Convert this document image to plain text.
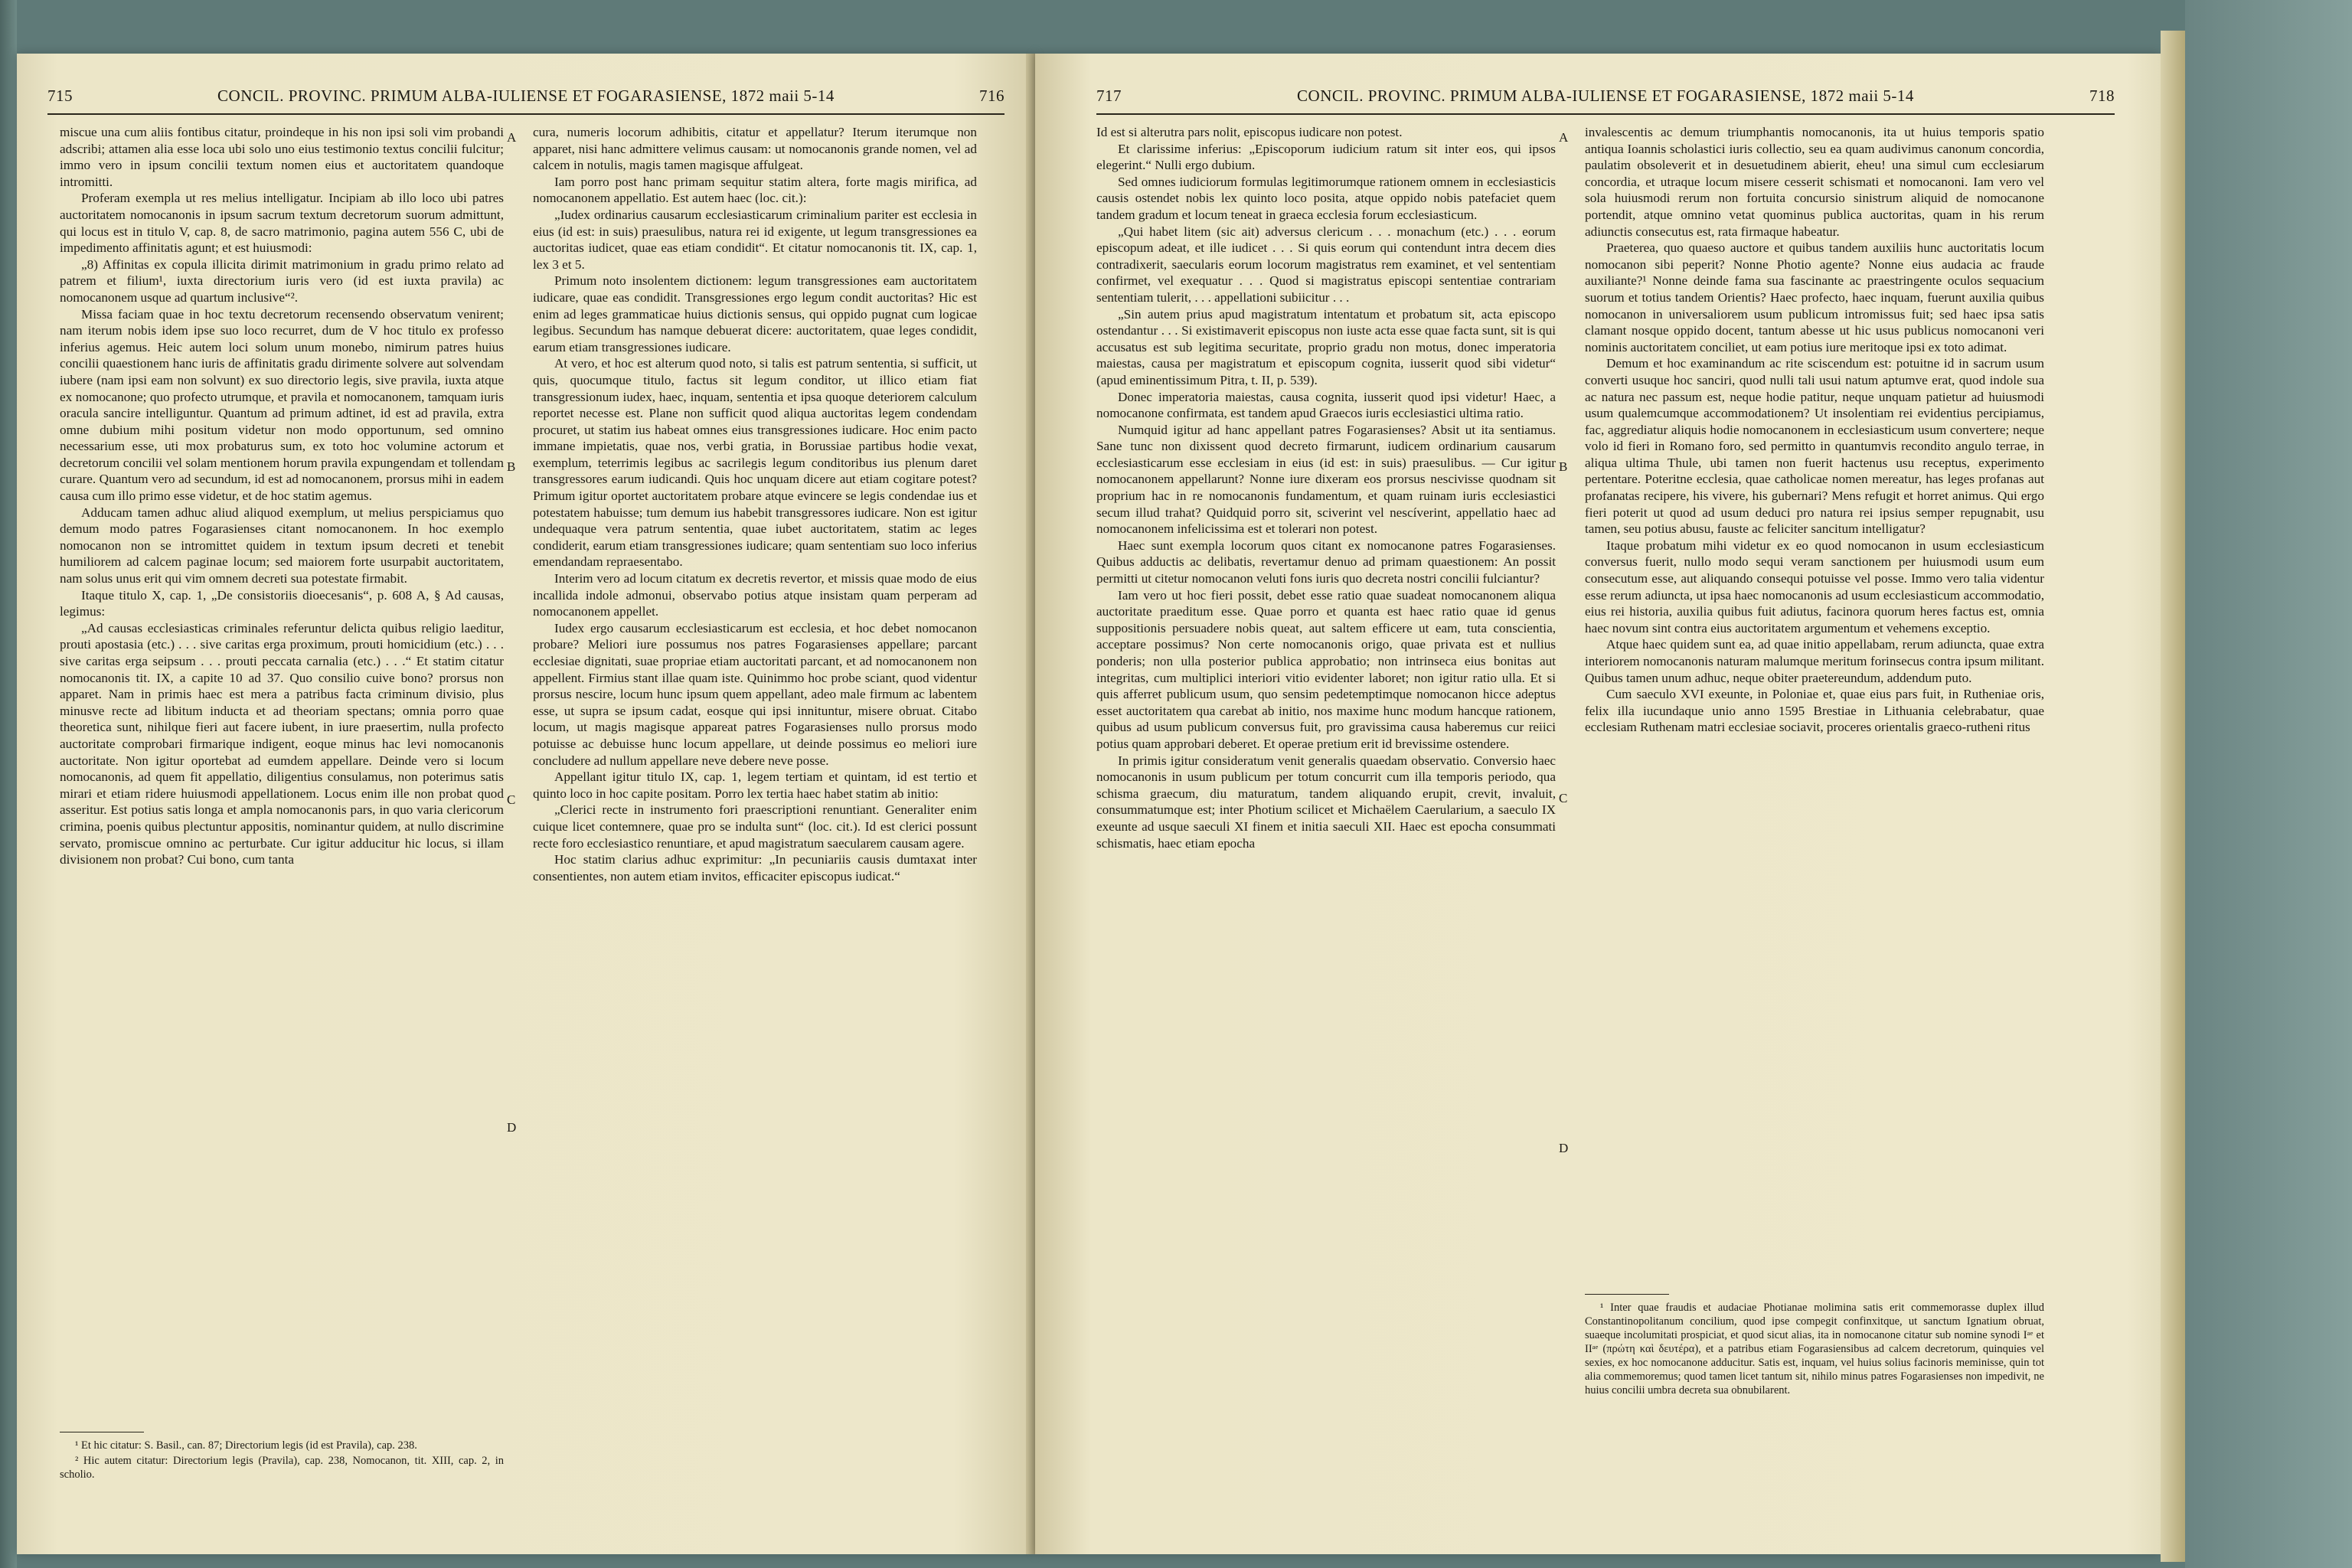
715	CONCIL. PROVINC. PRIMUM ALBA-IULIENSE ET FOGARASIENSE, 1872 maii 5-14	716

miscue una cum aliis fontibus citatur, proindeque in his non ipsi soli vim probandi adscribi; attamen alia esse loca ubi solo uno eius testimonio textus concilii fulcitur; immo vero in ipsum concilii textum nomen eius et auctoritatem quandoque intromitti.

Proferam exempla ut res melius intelligatur. Incipiam ab illo loco ubi patres auctoritatem nomocanonis in ipsum sacrum textum decretorum suorum admittunt, qui locus est in titulo V, cap. 8, de sacro matrimonio, pagina autem 556 C, ubi de impedimento affinitatis agunt; et est huiusmodi:

„8) Affinitas ex copula illicita dirimit matrimonium in gradu primo relato ad patrem et filium¹, iuxta directorium iuris vero (id est iuxta pravila) ac nomocanonem usque ad quartum inclusive“².

Missa faciam quae in hoc textu decretorum recensendo observatum venirent; nam iterum nobis idem ipse suo loco recurret, dum de V hoc titulo ex professo inferius agemus. Heic autem loci solum unum monebo, nimirum patres huius concilii quaestionem hanc iuris de affinitatis gradu dirimente solvere aut solvendam iubere (nam ipsi eam non solvunt) ex suo directorio legis, sive pravila, iuxta atque ex nomocanone; quo profecto utrumque, et pravila et nomocanonem, tamquam iuris oracula sancire intelliguntur. Quantum ad primum adtinet, id est ad pravila, extra omne dubium mihi positum videtur non modo opportunum, sed omnino necessarium esse, uti mox probaturus sum, ex toto hoc volumine actorum et decretorum concilii vel solam mentionem horum pravila expungendam et tollendam curare. Quantum vero ad secundum, id est ad nomocanonem, prorsus mihi in eadem causa cum illo primo esse videtur, et de hoc statim agemus.

Adducam tamen adhuc aliud aliquod exemplum, ut melius perspiciamus quo demum modo patres Fogarasienses citant nomocanonem. In hoc exemplo nomocanon non se intromittet quidem in textum ipsum decreti et tenebit humiliorem ad calcem paginae locum; sed maiorem forte usurpabit auctoritatem, nam solus unus erit qui vim omnem decreti sua potestate firmabit.

Itaque titulo X, cap. 1, „De consistoriis dioecesanis“, p. 608 A, § Ad causas, legimus:

„Ad causas ecclesiasticas criminales referuntur delicta quibus religio laeditur, prouti apostasia (etc.) . . . sive caritas erga proximum, prouti homicidium (etc.) . . . sive caritas erga seipsum . . . prouti peccata carnalia (etc.) . . .“ Et statim citatur nomocanonis tit. IX, a capite 10 ad 37. Quo consilio cuive bono? prorsus non apparet. Nam in primis haec est mera a patribus facta criminum divisio, plus minusve recte ad libitum inducta et ad theoriam spectans; omnia porro quae theoretica sunt, nihilque fieri aut facere iubent, in iure praesertim, nulla profecto auctoritate comprobari firmarique indigent, eoque minus hac levi nomocanonis auctoritate. Non igitur oportebat ad eumdem appellare. Deinde vero si locum nomocanonis, ad quem fit appellatio, diligentius consulamus, non poterimus satis mirari et etiam ridere huiusmodi appellationem. Locus enim ille non probat quod asseritur. Est potius satis longa et ampla nomocanonis pars, in quo varia clericorum crimina, poenis quibus plectuntur appositis, nominantur quidem, at nullo discrimine servato, promiscue omnino ac perturbate. Cur igitur adducitur hic locus, si illam divisionem non probat? Cui bono, cum tanta

cura, numeris locorum adhibitis, citatur et appellatur? Iterum iterumque non apparet, nisi hanc admittere velimus causam: ut nomocanonis grande nomen, vel ad calcem in notulis, magis tamen magisque affulgeat.

Iam porro post hanc primam sequitur statim altera, forte magis mirifica, ad nomocanonem appellatio. Est autem haec (loc. cit.):

„Iudex ordinarius causarum ecclesiasticarum criminalium pariter est ecclesia in eius (id est: in suis) praesulibus, natura rei id exigente, ut legum transgressiones ea auctoritas iudicet, quae eas etiam condidit“. Et citatur nomocanonis tit. IX, cap. 1, lex 3 et 5.

Primum noto insolentem dictionem: legum transgressiones eam auctoritatem iudicare, quae eas condidit. Transgressiones ergo legum condit auctoritas? Hic est enim ad leges grammaticae huius dictionis sensus, qui oppido pugnat cum logicae legibus. Secundum has namque debuerat dicere: auctoritatem, quae leges condidit, earum etiam transgressiones iudicare.

At vero, et hoc est alterum quod noto, si talis est patrum sententia, si sufficit, ut quis, quocumque titulo, factus sit legum conditor, ut illico etiam fiat transgressionum iudex, haec, inquam, sententia et ipsa quoque deteriorem calculum reportet necesse est. Plane non sufficit quod aliqua auctoritas legem condendam procuret, ut statim ius habeat omnes eius transgressiones iudicare. Hoc enim pacto immane impietatis, quae nos, verbi gratia, in Borussiae partibus hodie vexat, exemplum, teterrimis legibus ac sacrilegis legum conditoribus ius plenum daret transgressores earum iudicandi. Quis hoc unquam dicere aut etiam cogitare potest? Primum igitur oportet auctoritatem probare atque evincere se legis condendae ius et potestatem habuisse; tum demum ius habebit transgressores iudicare. Non est igitur undequaque vera patrum sententia, quae iubet auctoritatem, statim ac leges condiderit, earum etiam transgressiones iudicare; quam sententiam suo loco inferius emendandam repraesentabo.

Interim vero ad locum citatum ex decretis revertor, et missis quae modo de eius incallida indole admonui, observabo potius atque insistam quam perperam ad nomocanonem appellet.

Iudex ergo causarum ecclesiasticarum est ecclesia, et hoc debet nomocanon probare? Meliori iure possumus nos patres Fogarasienses appellare; parcant ecclesiae dignitati, suae propriae etiam auctoritati parcant, et ad nomocanonem non appellent. Firmius stant illae quam iste. Quinimmo hoc probe sciant, quod videntur prorsus nescire, locum hunc ipsum quem appellant, adeo male firmum ac labentem esse, ut supra se ipsum cadat, eosque qui ipsi innituntur, misere obruat. Citabo locum, ut magis magisque appareat patres Fogarasienses nullo prorsus modo potuisse ac debuisse hunc locum appellare, ut deinde possimus eo meliori iure concludere ad nullum appellare neve debere neve posse.

Appellant igitur titulo IX, cap. 1, legem tertiam et quintam, id est tertio et quinto loco in hoc capite positam. Porro lex tertia haec habet statim ab initio:

„Clerici recte in instrumento fori praescriptioni renuntiant. Generaliter enim cuique licet contemnere, quae pro se indulta sunt“ (loc. cit.). Id est clerici possunt recte foro ecclesiastico renuntiare, et apud magistratum saecularem causam agere.

Hoc statim clarius adhuc exprimitur: „In pecuniariis causis dumtaxat inter consentientes, non autem etiam invitos, efficaciter episcopus iudicat.“

A
B
C
D

¹ Et hic citatur: S. Basil., can. 87; Directorium legis (id est Pravila), cap. 238.

² Hic autem citatur: Directorium legis (Pravila), cap. 238, Nomocanon, tit. XIII, cap. 2, in scholio.

717	CONCIL. PROVINC. PRIMUM ALBA-IULIENSE ET FOGARASIENSE, 1872 maii 5-14	718

Id est si alterutra pars nolit, episcopus iudicare non potest.

Et clarissime inferius: „Episcoporum iudicium ratum sit inter eos, qui ipsos elegerint.“ Nulli ergo dubium.

Sed omnes iudiciorum formulas legitimorumque rationem omnem in ecclesiasticis causis ostendet nobis lex quinto loco posita, atque oppido nobis patefaciet quem tandem gradum et locum teneat in graeca ecclesia forum ecclesiasticum.

„Qui habet litem (sic ait) adversus clericum . . . monachum (etc.) . . . eorum episcopum adeat, et ille iudicet . . . Si quis eorum qui contendunt intra decem dies contradixerit, saecularis eorum locorum magistratus rem examinet, et vel sententiam confirmet, vel exequatur . . . Quod si magistratus episcopi sententiae contrariam sententiam tulerit, . . . appellationi subiicitur . . .

„Sin autem prius apud magistratum intentatum et probatum sit, acta episcopo ostendantur . . . Si existimaverit episcopus non iuste acta esse quae facta sunt, sit is qui accusatus est sub legitima securitate, proprio gradu non motus, donec imperatoria maiestas, causa per magistratum et episcopum cognita, iusserit quod sibi videtur“ (apud eminentissimum Pitra, t. II, p. 539).

Donec imperatoria maiestas, causa cognita, iusserit quod ipsi videtur! Haec, a nomocanone confirmata, est tandem apud Graecos iuris ecclesiastici ultima ratio.

Numquid igitur ad hanc appellant patres Fogarasienses? Absit ut ita sentiamus. Sane tunc non dixissent quod decreto firmarunt, iudicem ordinarium causarum ecclesiasticarum esse ecclesiam in eius (id est: in suis) praesulibus. — Cur igitur nomocanonem appellarunt? Nonne iure dixeram eos prorsus nescivisse quodnam sit proprium hac in re nomocanonis fundamentum, et quam ruinam iuris ecclesiastici secum illud trahat? Quidquid porro sit, sciverint vel nescíverint, appellatio haec ad nomocanonem infelicissima est et tolerari non potest.

Haec sunt exempla locorum quos citant ex nomocanone patres Fogarasienses. Quibus adductis ac delibatis, revertamur denuo ad primam quaestionem: An possit permitti ut citetur nomocanon veluti fons iuris quo decreta nostri concilii fulciantur?

Iam vero ut hoc fieri possit, debet esse ratio quae suadeat nomocanonem aliqua auctoritate praeditum esse. Quae porro et quanta est haec ratio quae id genus suppositionis persuadere nobis queat, aut saltem efficere ut eam, tuta conscientia, acceptare possimus? Non certe nomocanonis origo, quae privata est et nullius ponderis; non ulla posterior publica approbatio; non intrinseca eius bonitas aut integritas, cum multiplici interiori vitio evidenter laboret; non igitur ratio ulla. Et si quis afferret publicum usum, quo sensim pedetemptimque nomocanon hicce adeptus esset auctoritatem qua carebat ab initio, nos maxime hunc modum hancque rationem, quibus ad usum publicum conversus fuit, pro gravissima causa haberemus cur reiici potius quam approbari deberet. Et operae pretium erit id brevissime ostendere.

In primis igitur consideratum venit generalis quaedam observatio. Conversio haec nomocanonis in usum publicum per totum concurrit cum illa temporis periodo, qua schisma graecum, diu maturatum, tandem aliquando erupit, crevit, invaluit, consummatumque est; inter Photium scilicet et Michaëlem Caerularium, a saeculo IX exeunte ad usque saeculi XI finem et initia saeculi XII. Haec est epocha consummati schismatis, haec etiam epocha

invalescentis ac demum triumphantis nomocanonis, ita ut huius temporis spatio antiqua Ioannis scholastici iuris collectio, seu ea quam audivimus canonum concordia, paulatim obsoleverit et in desuetudinem abierit, eheu! una simul cum ecclesiarum concordia, et utraque locum misere cesserit schismati et nomocanoni. Iam vero vel sola huiusmodi rerum non fortuita concursio sinistrum aliquid de nomocanone portendit, atque omnino vetat quominus publica auctoritas, quam in his rerum adiunctis consecutus est, rata firmaque habeatur.

Praeterea, quo quaeso auctore et quibus tandem auxiliis hunc auctoritatis locum nomocanon sibi peperit? Nonne Photio agente? Nonne eius audacia ac fraude auxiliante?¹ Nonne deinde fama sua fascinante ac praestringente oculos sequacium suorum et totius tandem Orientis? Haec profecto, haec inquam, fuerunt auxilia quibus nomocanon in universaliorem usum publicum intromissus fuit; sed haec ipsa satis clamant nosque oppido docent, tantum abesse ut hic usus publicus nomocanoni veri nominis auctoritatem conciliet, ut eam potius iure meritoque ipsi ex toto adimat.

Demum et hoc examinandum ac rite sciscendum est: potuitne id in sacrum usum converti usuque hoc sanciri, quod nulli tali usui natum aptumve erat, quod indole sua ac natura nec passum est, neque hodie patitur, neque unquam patietur ad huiusmodi usum qualemcumque accommodationem? Ut insolentiam rei evidentius percipiamus, fac, aggrediatur aliquis hodie nomocanonem in ecclesiasticum usum convertere; neque volo id fieri in Romano foro, sed permitto in quantumvis recondito angulo terrae, in aliqua ultima Thule, ubi tamen non fuerit hactenus usu receptus, experimento pertentare. Poteritne ecclesia, quae catholicae nomen mereatur, has leges profanas aut profanatas recipere, his vivere, his gubernari? Mens refugit et horret animus. Qui ergo fieri poterit ut quod ad usum deduci pro natura rei ipsius semper repugnabit, usu tamen, seu potius abusu, fauste ac feliciter sancitum intelligatur?

Itaque probatum mihi videtur ex eo quod nomocanon in usum ecclesiasticum conversus fuerit, nullo modo sequi veram sanctionem per huiusmodi usum eum consecutum esse, aut aliquando consequi potuisse vel posse. Immo vero talia videntur esse rerum adiuncta, ut ipsa haec nomocanonis ad usum ecclesiasticum accommodatio, eius rei historia, auxilia quibus fuit adiutus, facinora quorum heres factus est, omnia haec novum sint contra eius auctoritatem argumentum et vehemens exceptio.

Atque haec quidem sunt ea, ad quae initio appellabam, rerum adiuncta, quae extra interiorem nomocanonis naturam malumque meritum forinsecus contra ipsum militant. Quibus tamen unum adhuc, neque obiter praetereundum, addendum puto.

Cum saeculo XVI exeunte, in Poloniae et, quae eius pars fuit, in Rutheniae oris, felix illa iucundaque unio anno 1595 Brestiae in Lithuania celebrabatur, quae ecclesiam Ruthenam matri ecclesiae sociavit, proceres orientalis graeco-rutheni ritus

A
B
C
D

¹ Inter quae fraudis et audaciae Photianae molimina satis erit commemorasse duplex illud Constantinopolitanum concilium, quod ipse compegit confinxitque, ut sanctum Ignatium obruat, suaeque incolumitati prospiciat, et quod sicut alias, ita in nomocanone citatur sub nomine synodi Iᵃᵉ et IIᵃᵉ (πρώτη καὶ δευτέρα), et a patribus etiam Fogarasiensibus ad calcem decretorum, quinquies vel sexies, ex hoc nomocanone adducitur. Satis est, inquam, vel huius solius facinoris meminisse, quin tot alia commemoremus; quod tamen licet tantum sit, nihilo minus patres Fogarasienses non impedivit, ne huius concilii umbra decreta sua obnubilarent.
